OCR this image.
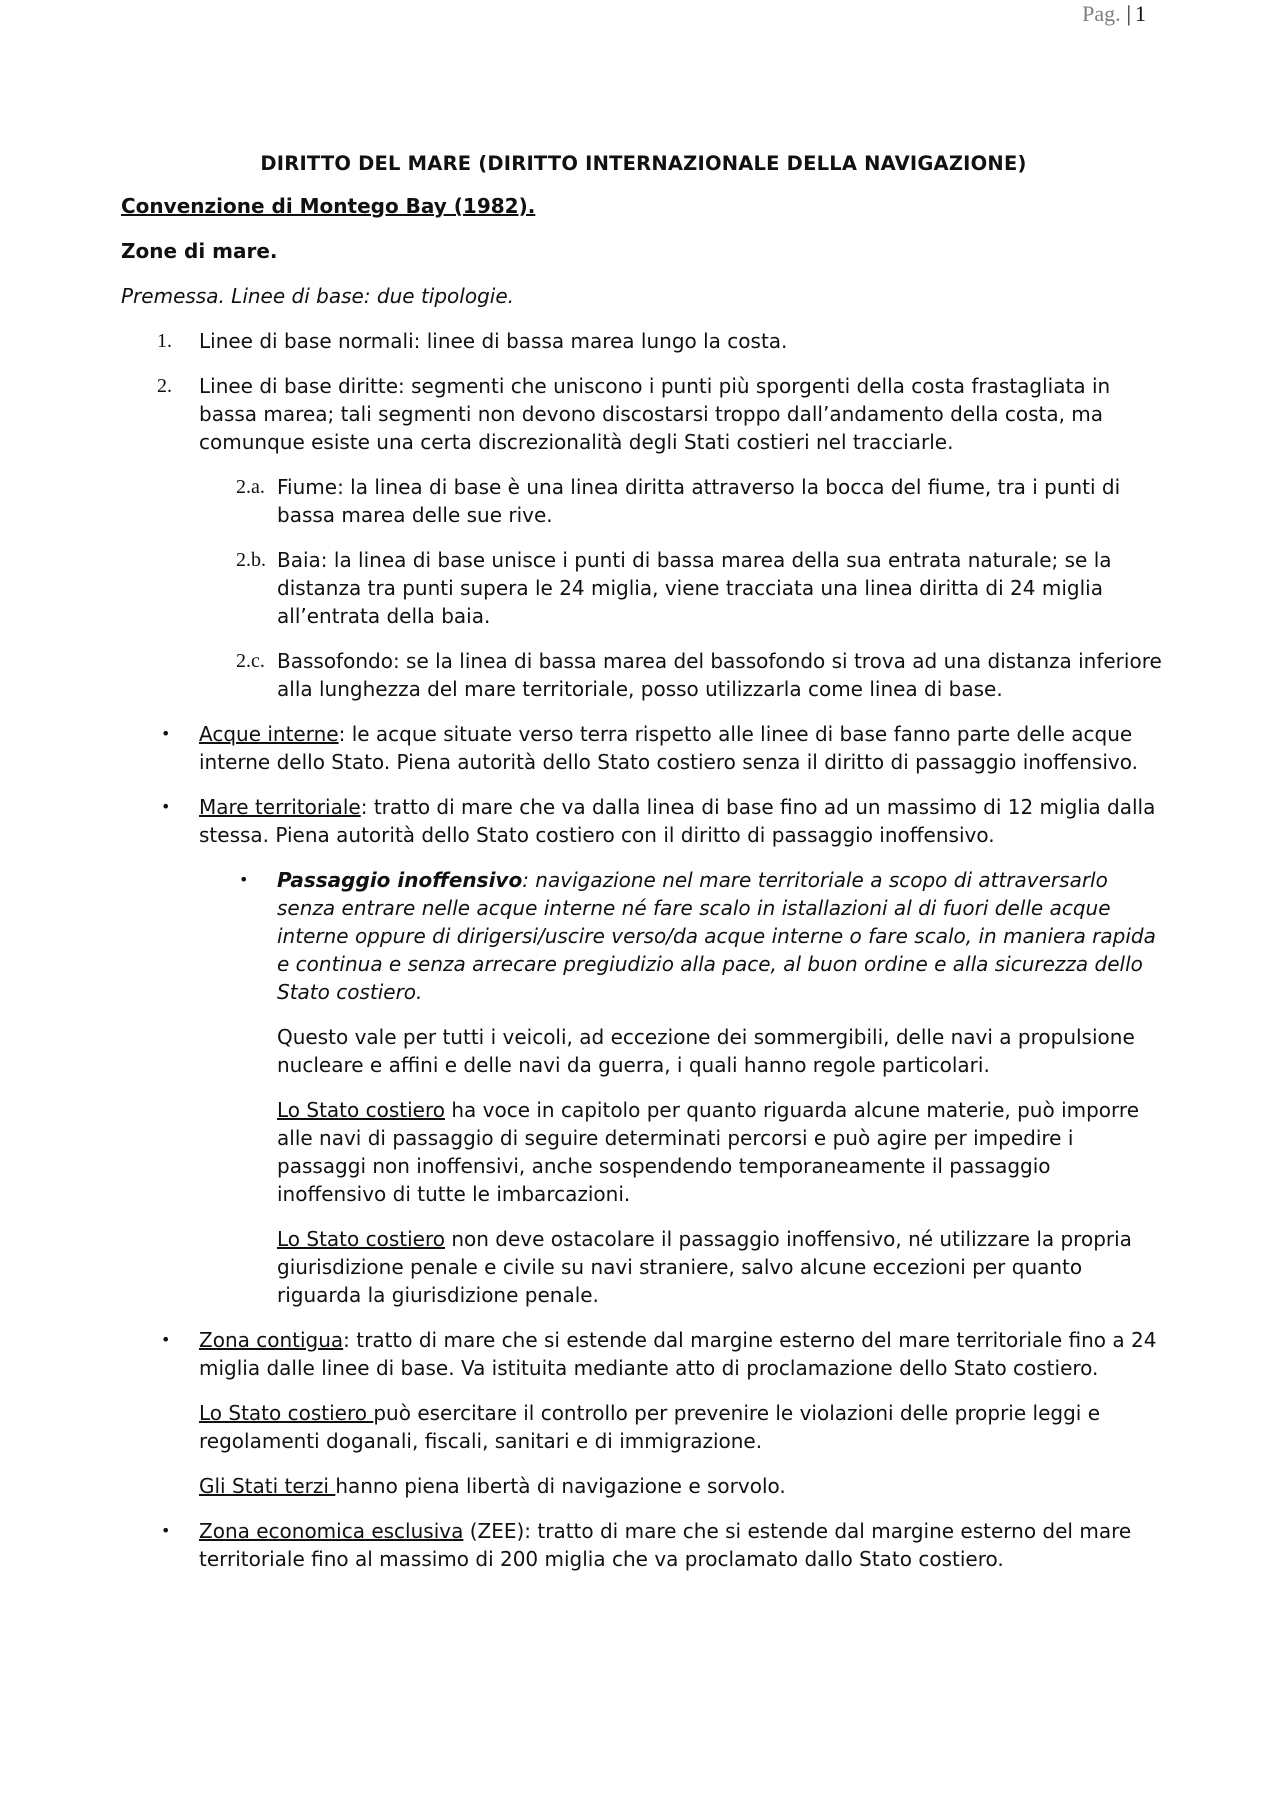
Pag. | 1
DIRITTO DEL MARE (DIRITTO INTERNAZIONALE DELLA NAVIGAZIONE)
Convenzione di Montego Bay (1982).
Zone di mare.
Premessa. Linee di base: due tipologie.
1. Linee di base normali: linee di bassa marea lungo la costa.
2. Linee di base diritte: segmenti che uniscono i punti più sporgenti della costa frastagliata in bassa marea; tali segmenti non devono discostarsi troppo dall’andamento della costa, ma comunque esiste una certa discrezionalità degli Stati costieri nel tracciarle.
2.a. Fiume: la linea di base è una linea diritta attraverso la bocca del fiume, tra i punti di bassa marea delle sue rive.
2.b. Baia: la linea di base unisce i punti di bassa marea della sua entrata naturale; se la distanza tra punti supera le 24 miglia, viene tracciata una linea diritta di 24 miglia all’entrata della baia.
2.c. Bassofondo: se la linea di bassa marea del bassofondo si trova ad una distanza inferiore alla lunghezza del mare territoriale, posso utilizzarla come linea di base.
• Acque interne: le acque situate verso terra rispetto alle linee di base fanno parte delle acque interne dello Stato. Piena autorità dello Stato costiero senza il diritto di passaggio inoffensivo.
• Mare territoriale: tratto di mare che va dalla linea di base fino ad un massimo di 12 miglia dalla stessa. Piena autorità dello Stato costiero con il diritto di passaggio inoffensivo.
• Passaggio inoffensivo: navigazione nel mare territoriale a scopo di attraversarlo senza entrare nelle acque interne né fare scalo in istallazioni al di fuori delle acque interne oppure di dirigersi/uscire verso/da acque interne o fare scalo, in maniera rapida e continua e senza arrecare pregiudizio alla pace, al buon ordine e alla sicurezza dello Stato costiero.
Questo vale per tutti i veicoli, ad eccezione dei sommergibili, delle navi a propulsione nucleare e affini e delle navi da guerra, i quali hanno regole particolari.
Lo Stato costiero ha voce in capitolo per quanto riguarda alcune materie, può imporre alle navi di passaggio di seguire determinati percorsi e può agire per impedire i passaggi non inoffensivi, anche sospendendo temporaneamente il passaggio inoffensivo di tutte le imbarcazioni.
Lo Stato costiero non deve ostacolare il passaggio inoffensivo, né utilizzare la propria giurisdizione penale e civile su navi straniere, salvo alcune eccezioni per quanto riguarda la giurisdizione penale.
• Zona contigua: tratto di mare che si estende dal margine esterno del mare territoriale fino a 24 miglia dalle linee di base. Va istituita mediante atto di proclamazione dello Stato costiero.
Lo Stato costiero può esercitare il controllo per prevenire le violazioni delle proprie leggi e regolamenti doganali, fiscali, sanitari e di immigrazione.
Gli Stati terzi hanno piena libertà di navigazione e sorvolo.
• Zona economica esclusiva (ZEE): tratto di mare che si estende dal margine esterno del mare territoriale fino al massimo di 200 miglia che va proclamato dallo Stato costiero.
